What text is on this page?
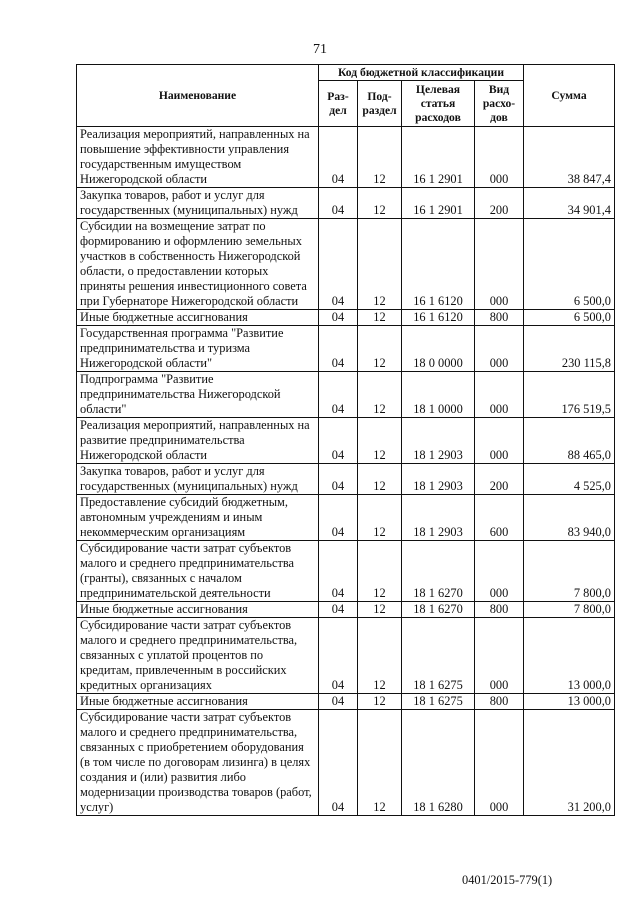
71
Наименование	Код бюджетной классификации				Сумма
	Раз-дел	Под-раздел	Целевая статья расходов	Вид расхо-дов	
Реализация мероприятий, направленных на повышение эффективности управления государственным имуществом Нижегородской области	04	12	16 1 2901	000	38 847,4
Закупка товаров, работ и услуг для государственных (муниципальных) нужд	04	12	16 1 2901	200	34 901,4
Субсидии на возмещение затрат по формированию и оформлению земельных участков в собственность Нижегородской области, о предоставлении которых приняты решения инвестиционного совета при Губернаторе Нижегородской области	04	12	16 1 6120	000	6 500,0
Иные бюджетные ассигнования	04	12	16 1 6120	800	6 500,0
Государственная программа "Развитие предпринимательства и туризма Нижегородской области"	04	12	18 0 0000	000	230 115,8
Подпрограмма "Развитие предпринимательства Нижегородской области"	04	12	18 1 0000	000	176 519,5
Реализация мероприятий, направленных на развитие предпринимательства Нижегородской области	04	12	18 1 2903	000	88 465,0
Закупка товаров, работ и услуг для государственных (муниципальных) нужд	04	12	18 1 2903	200	4 525,0
Предоставление субсидий бюджетным, автономным учреждениям и иным некоммерческим организациям	04	12	18 1 2903	600	83 940,0
Субсидирование части затрат субъектов малого и среднего предпринимательства (гранты), связанных с началом предпринимательской деятельности	04	12	18 1 6270	000	7 800,0
Иные бюджетные ассигнования	04	12	18 1 6270	800	7 800,0
Субсидирование части затрат субъектов малого и среднего предпринимательства, связанных с уплатой процентов по кредитам, привлеченным в российских кредитных организациях	04	12	18 1 6275	000	13 000,0
Иные бюджетные ассигнования	04	12	18 1 6275	800	13 000,0
Субсидирование части затрат субъектов малого и среднего предпринимательства, связанных с приобретением оборудования (в том числе по договорам лизинга) в целях создания и (или) развития либо модернизации производства товаров (работ, услуг)	04	12	18 1 6280	000	31 200,0
0401/2015-779(1)
